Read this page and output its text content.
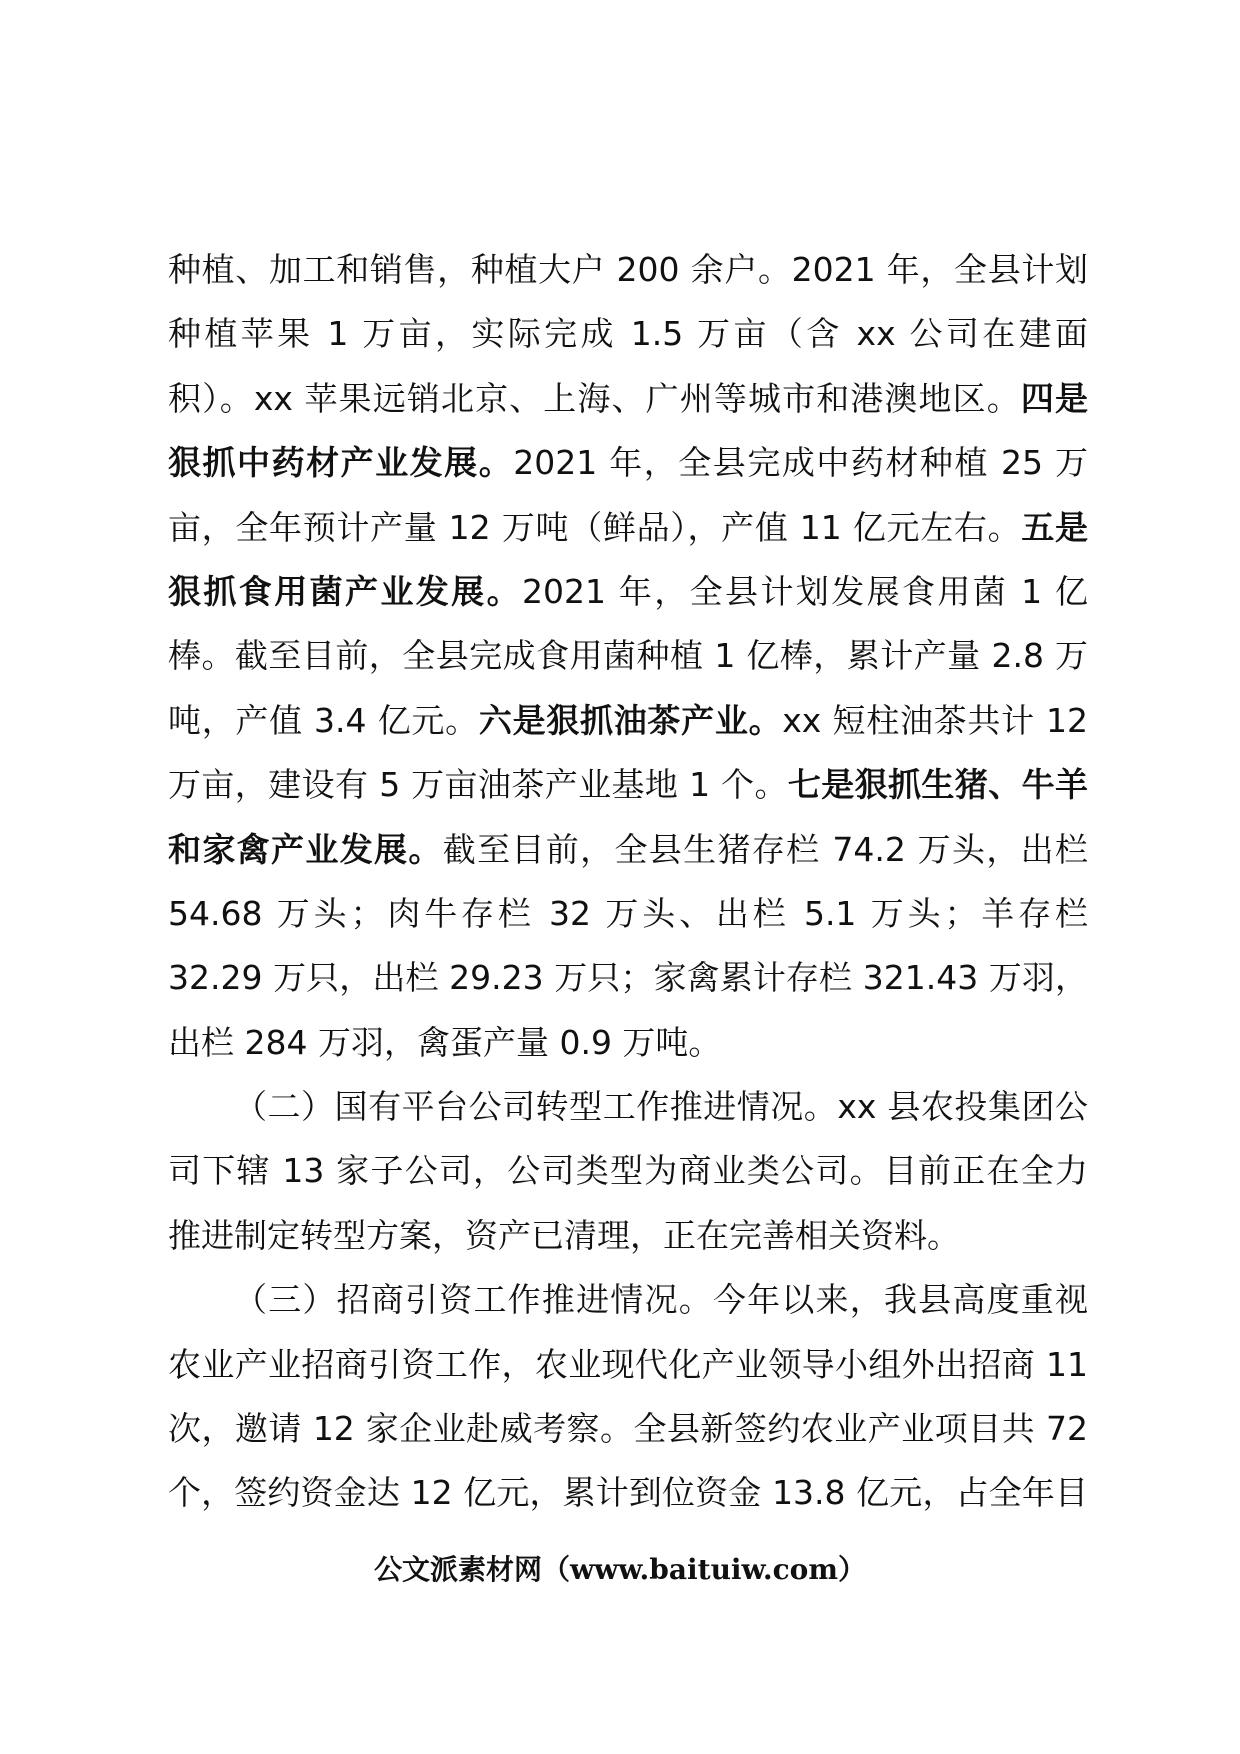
种植、加工和销售，种植大户 200 余户。2021 年，全县计划
种植苹果 1 万亩，实际完成 1.5 万亩（含 xx 公司在建面
积）。xx 苹果远销北京、上海、广州等城市和港澳地区。四是
狠抓中药材产业发展。2021 年，全县完成中药材种植 25 万
亩，全年预计产量 12 万吨（鲜品），产值 11 亿元左右。五是
狠抓食用菌产业发展。2021 年，全县计划发展食用菌 1 亿
棒。截至目前，全县完成食用菌种植 1 亿棒，累计产量 2.8 万
吨，产值 3.4 亿元。六是狠抓油茶产业。xx 短柱油茶共计 12
万亩，建设有 5 万亩油茶产业基地 1 个。七是狠抓生猪、牛羊
和家禽产业发展。截至目前，全县生猪存栏 74.2 万头，出栏
54.68 万头；肉牛存栏 32 万头、出栏 5.1 万头；羊存栏
32.29 万只，出栏 29.23 万只；家禽累计存栏 321.43 万羽，
出栏 284 万羽，禽蛋产量 0.9 万吨。
（二）国有平台公司转型工作推进情况。xx 县农投集团公
司下辖 13 家子公司，公司类型为商业类公司。目前正在全力
推进制定转型方案，资产已清理，正在完善相关资料。
（三）招商引资工作推进情况。今年以来，我县高度重视
农业产业招商引资工作，农业现代化产业领导小组外出招商 11
次，邀请 12 家企业赴威考察。全县新签约农业产业项目共 72
个，签约资金达 12 亿元，累计到位资金 13.8 亿元，占全年目
公文派素材网（www.baituiw.com）
